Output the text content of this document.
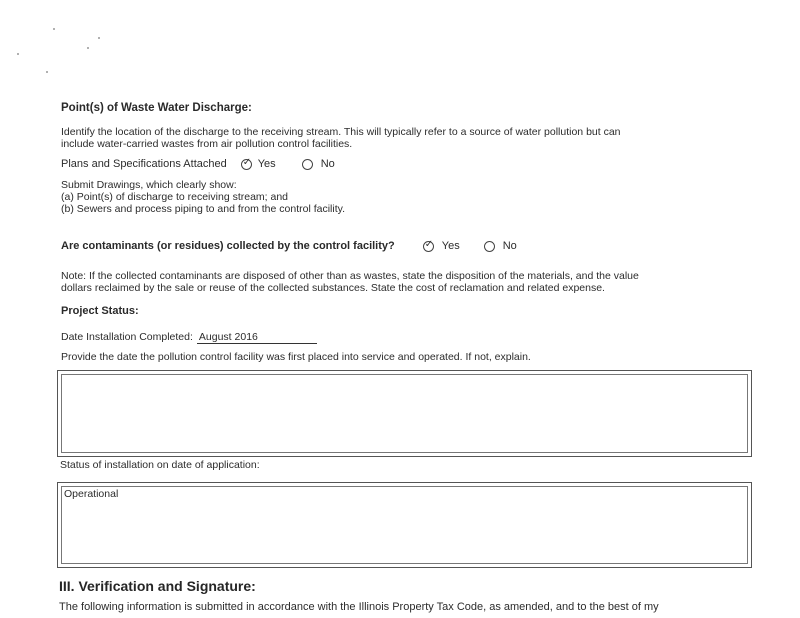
Point(s) of Waste Water Discharge:
Identify the location of the discharge to the receiving stream. This will typically refer to a source of water pollution but can
include water-carried wastes from air pollution control facilities.
Plans and Specifications Attached ✓	Yes	No
Submit Drawings, which clearly show:
(a) Point(s) of discharge to receiving stream; and
(b) Sewers and process piping to and from the control facility.
Are contaminants (or residues) collected by the control facility? ✓	Yes	No
Note: If the collected contaminants are disposed of other than as wastes, state the disposition of the materials, and the value
dollars reclaimed by the sale or reuse of the collected substances. State the cost of reclamation and related expense.
Project Status:
Date Installation Completed: August 2016
Provide the date the pollution control facility was first placed into service and operated. If not, explain.
Status of installation on date of application:
Operational
III. Verification and Signature:
The following information is submitted in accordance with the Illinois Property Tax Code, as amended, and to the best of my
